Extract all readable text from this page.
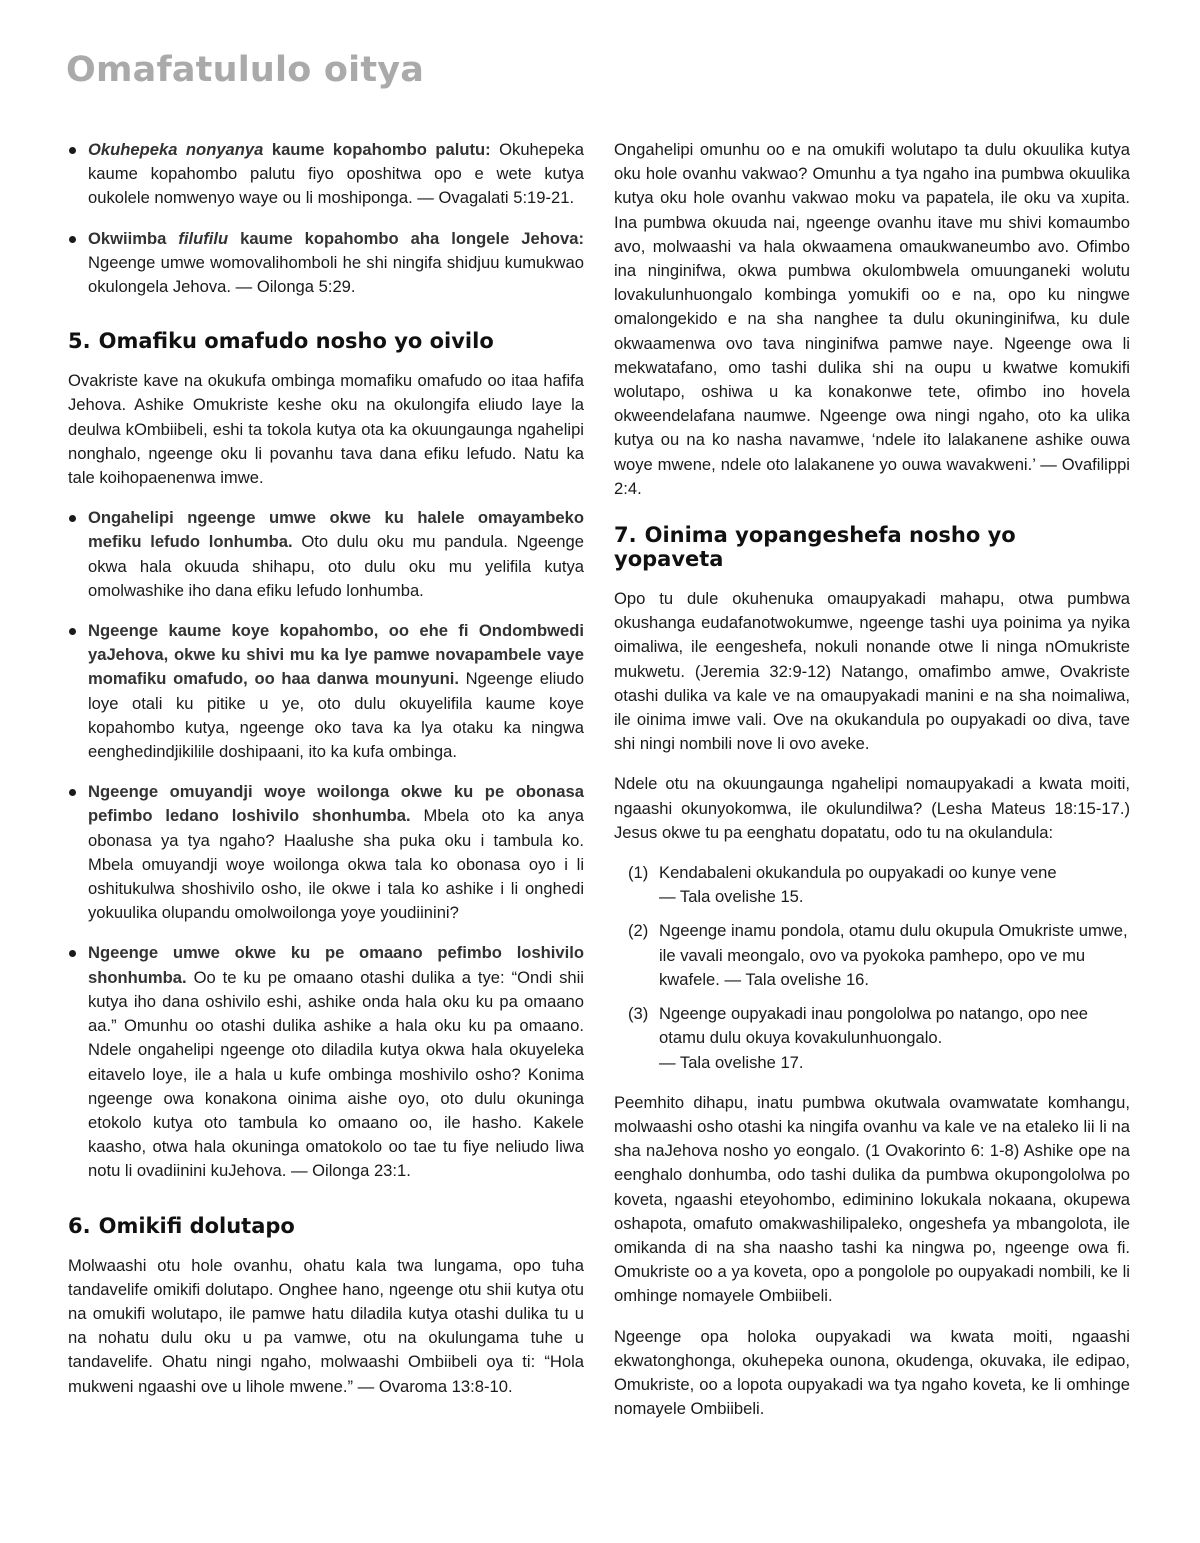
Omafatululo oitya
Okuhepeka nonyanya kaume kopahombo palutu: Okuhepeka kaume kopahombo palutu fiyo oposhitwa opo e wete kutya oukolele nomwenyo waye ou li moshiponga. — Ovagalati 5:19-21.
Okwiimba filufilu kaume kopahombo aha longele Jehova: Ngeenge umwe womovalihomboli he shi ningifa shidjuu kumukwao okulongela Jehova. — Oilonga 5:29.
5. Omafiku omafudo nosho yo oivilo

Ovakriste kave na okukufa ombinga momafiku omafudo oo itaa hafifa Jehova. Ashike Omukriste keshe oku na okulongifa eliudo laye la deulwa kOmbiibeli, eshi ta tokola kutya ota ka okuungaunga ngahelipi nonghalo, ngeenge oku li povanhu tava dana efiku lefudo. Natu ka tale koihopaenenwa imwe.

Ongahelipi ngeenge umwe okwe ku halele omayambeko mefiku lefudo lonhumba. Oto dulu oku mu pandula. Ngeenge okwa hala okuuda shihapu, oto dulu oku mu yelifila kutya omolwashike iho dana efiku lefudo lonhumba.
Ngeenge kaume koye kopahombo, oo ehe fi Ondombwedi yaJehova, okwe ku shivi mu ka lye pamwe novapambele vaye momafiku omafudo, oo haa danwa mounyuni. Ngeenge eliudo loye otali ku pitike u ye, oto dulu okuyelifila kaume koye kopahombo kutya, ngeenge oko tava ka lya otaku ka ningwa eenghedindjikilile doshipaani, ito ka kufa ombinga.
Ngeenge omuyandji woye woilonga okwe ku pe obonasa pefimbo ledano loshivilo shonhumba. Mbela oto ka anya obonasa ya tya ngaho? Haalushe sha puka oku i tambula ko. Mbela omuyandji woye woilonga okwa tala ko obonasa oyo i li oshitukulwa shoshivilo osho, ile okwe i tala ko ashike i li onghedi yokuulika olupandu omolwoilonga yoye youdiinini?
Ngeenge umwe okwe ku pe omaano pefimbo loshivilo shonhumba. Oo te ku pe omaano otashi dulika a tye: “Ondi shii kutya iho dana oshivilo eshi, ashike onda hala oku ku pa omaano aa.” Omunhu oo otashi dulika ashike a hala oku ku pa omaano. Ndele ongahelipi ngeenge oto diladila kutya okwa hala okuyeleka eitavelo loye, ile a hala u kufe ombinga moshivilo osho? Konima ngeenge owa konakona oinima aishe oyo, oto dulu okuninga etokolo kutya oto tambula ko omaano oo, ile hasho. Kakele kaasho, otwa hala okuninga omatokolo oo tae tu fiye neliudo liwa notu li ovadiinini kuJehova. — Oilonga 23:1.
6. Omikifi dolutapo

Molwaashi otu hole ovanhu, ohatu kala twa lungama, opo tuha tandavelife omikifi dolutapo. Onghee hano, ngeenge otu shii kutya otu na omukifi wolutapo, ile pamwe hatu diladila kutya otashi dulika tu u na nohatu dulu oku u pa vamwe, otu na okulungama tuhe u tandavelife. Ohatu ningi ngaho, molwaashi Ombiibeli oya ti: “Hola mukweni ngaashi ove u lihole mwene.” — Ovaroma 13:8-10.

Ongahelipi omunhu oo e na omukifi wolutapo ta dulu okuulika kutya oku hole ovanhu vakwao? Omunhu a tya ngaho ina pumbwa okuulika kutya oku hole ovanhu vakwao moku va papatela, ile oku va xupita. Ina pumbwa okuuda nai, ngeenge ovanhu itave mu shivi komaumbo avo, molwaashi va hala okwaamena omaukwaneumbo avo. Ofimbo ina ninginifwa, okwa pumbwa okulombwela omuunganeki wolutu lovakulunhuongalo kombinga yomukifi oo e na, opo ku ningwe omalongekido e na sha nanghee ta dulu okuninginifwa, ku dule okwaamenwa ovo tava ninginifwa pamwe naye. Ngeenge owa li mekwatafano, omo tashi dulika shi na oupu u kwatwe komukifi wolutapo, oshiwa u ka konakonwe tete, ofimbo ino hovela okweendelafana naumwe. Ngeenge owa ningi ngaho, oto ka ulika kutya ou na ko nasha navamwe, ‘ndele ito lalakanene ashike ouwa woye mwene, ndele oto lalakanene yo ouwa wavakweni.’ — Ovafilippi 2:4.

7. Oinima yopangeshefa nosho yo yopaveta

Opo tu dule okuhenuka omaupyakadi mahapu, otwa pumbwa okushanga eudafanotwokumwe, ngeenge tashi uya poinima ya nyika oimaliwa, ile eengeshefa, nokuli nonande otwe li ninga nOmukriste mukwetu. (Jeremia 32:9-12) Natango, omafimbo amwe, Ovakriste otashi dulika va kale ve na omaupyakadi manini e na sha noimaliwa, ile oinima imwe vali. Ove na okukandula po oupyakadi oo diva, tave shi ningi nombili nove li ovo aveke.

Ndele otu na okuungaunga ngahelipi nomaupyakadi a kwata moiti, ngaashi okunyokomwa, ile okulundilwa? (Lesha Mateus 18:15-17.) Jesus okwe tu pa eenghatu dopatatu, odo tu na okulandula:

(1) Kendabaleni okukandula po oupyakadi oo kunye vene
— Tala ovelishe 15.
(2) Ngeenge inamu pondola, otamu dulu okupula Omukriste umwe, ile vavali meongalo, ovo va pyokoka pamhepo, opo ve mu kwafele. — Tala ovelishe 16.
(3) Ngeenge oupyakadi inau pongololwa po natango, opo nee otamu dulu okuya kovakulunhuongalo.
— Tala ovelishe 17.

Peemhito dihapu, inatu pumbwa okutwala ovamwatate komhangu, molwaashi osho otashi ka ningifa ovanhu va kale ve na etaleko lii li na sha naJehova nosho yo eongalo. (1 Ovakorinto 6: 1-8) Ashike ope na eenghalo donhumba, odo tashi dulika da pumbwa okupongololwa po koveta, ngaashi eteyohombo, ediminino lokukala nokaana, okupewa oshapota, omafuto omakwashilipaleko, ongeshefa ya mbangolota, ile omikanda di na sha naasho tashi ka ningwa po, ngeenge owa fi. Omukriste oo a ya koveta, opo a pongolole po oupyakadi nombili, ke li omhinge nomayele Ombiibeli.

Ngeenge opa holoka oupyakadi wa kwata moiti, ngaashi ekwatonghonga, okuhepeka ounona, okudenga, okuvaka, ile edipao, Omukriste, oo a lopota oupyakadi wa tya ngaho koveta, ke li omhinge nomayele Ombiibeli.
